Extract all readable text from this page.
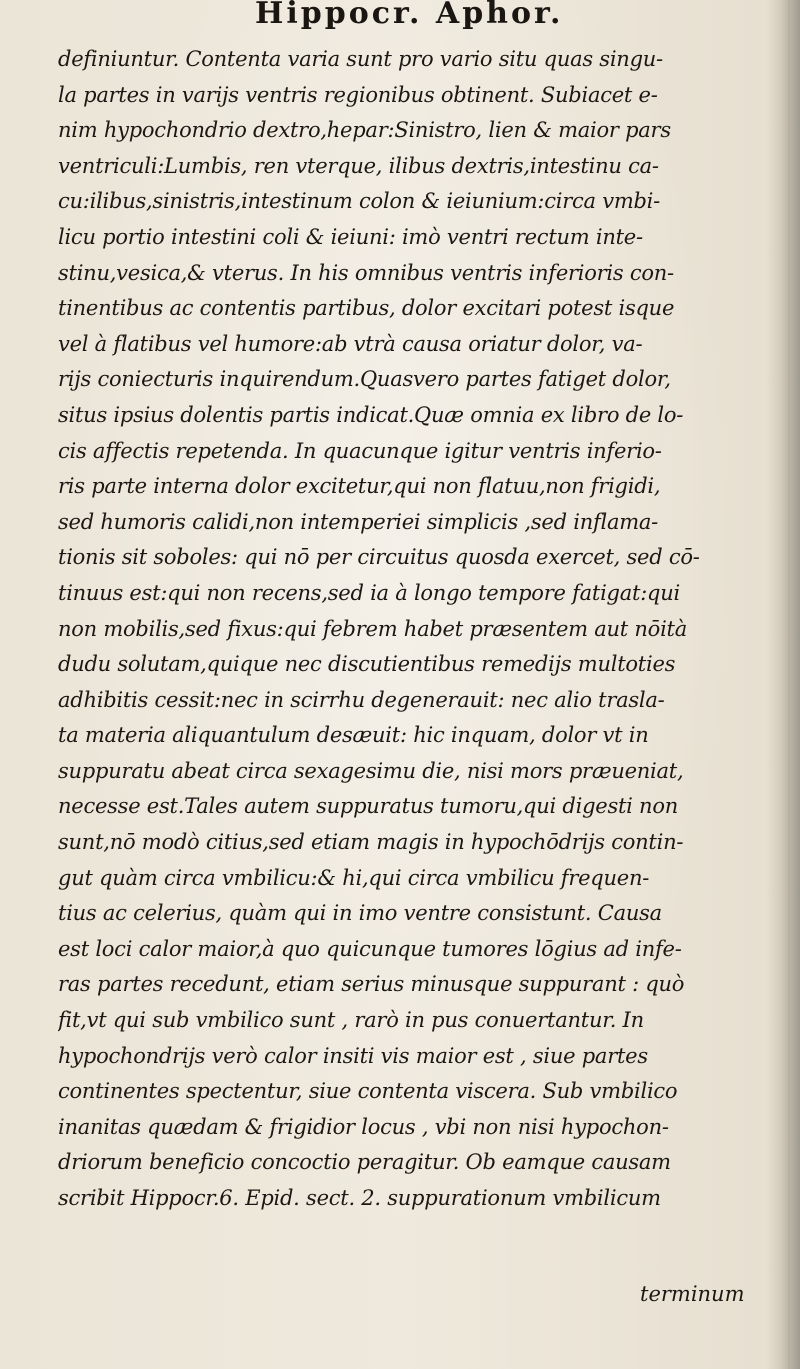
Hippocr. Aphor.
definiuntur. Contenta varia sunt pro vario situ quas singu-
la partes in varijs ventris regionibus obtinent. Subiacet e-
nim hypochondrio dextro,hepar:Sinistro, lien & maior pars
ventriculi:Lumbis, ren vterque, ilibus dextris,intestinu ca-
cu:ilibus,sinistris,intestinum colon & ieiunium:circa vmbi-
licu portio intestini coli & ieiuni: imò ventri rectum inte-
stinu,vesica,& vterus. In his omnibus ventris inferioris con-
tinentibus ac contentis partibus, dolor excitari potest isque
vel à flatibus vel humore:ab vtrà causa oriatur dolor, va-
rijs coniecturis inquirendum.Quasvero partes fatiget dolor,
situs ipsius dolentis partis indicat.Quæ omnia ex libro de lo-
cis affectis repetenda. In quacunque igitur ventris inferio-
ris parte interna dolor excitetur,qui non flatuu,non frigidi,
sed humoris calidi,non intemperiei simplicis ,sed inflama-
tionis sit soboles: qui nō per circuitus quosda exercet, sed cō-
tinuus est:qui non recens,sed ia à longo tempore fatigat:qui
non mobilis,sed fixus:qui febrem habet præsentem aut nōità
dudu solutam,quique nec discutientibus remedijs multoties
adhibitis cessit:nec in scirrhu degenerauit: nec alio trasla-
ta materia aliquantulum desæuit: hic inquam, dolor vt in
suppuratu abeat circa sexagesimu die, nisi mors præueniat,
necesse est.Tales autem suppuratus tumoru,qui digesti non
sunt,nō modò citius,sed etiam magis in hypochōdrijs contin-
gut quàm circa vmbilicu:& hi,qui circa vmbilicu frequen-
tius ac celerius, quàm qui in imo ventre consistunt. Causa
est loci calor maior,à quo quicunque tumores lōgius ad infe-
ras partes recedunt, etiam serius minusque suppurant : quò
fit,vt qui sub vmbilico sunt , rarò in pus conuertantur. In
hypochondrijs verò calor insiti vis maior est , siue partes
continentes spectentur, siue contenta viscera. Sub vmbilico
inanitas quædam & frigidior locus , vbi non nisi hypochon-
driorum beneficio concoctio peragitur. Ob eamque causam
scribit Hippocr.6. Epid. sect. 2. suppurationum vmbilicum
terminum
